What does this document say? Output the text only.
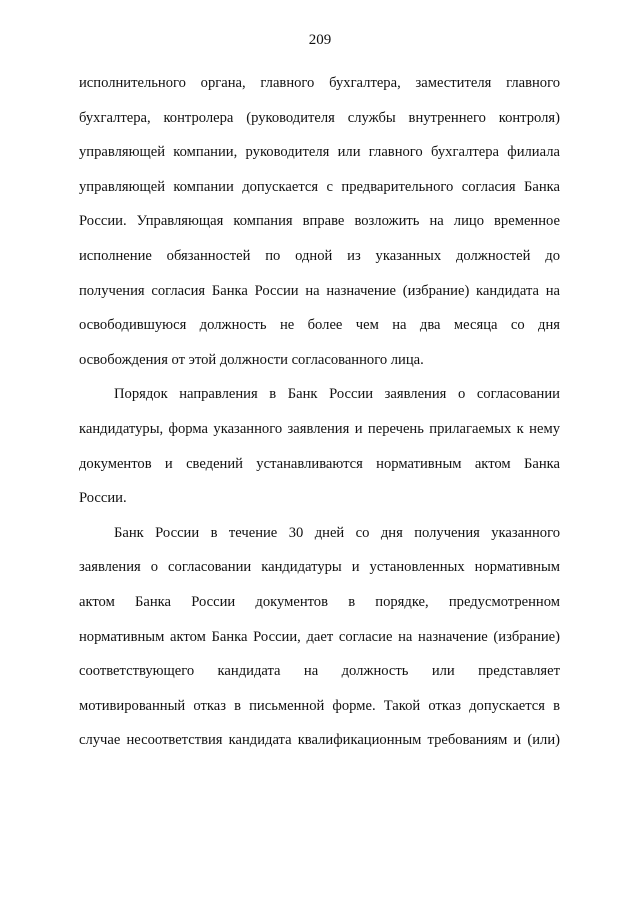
209

исполнительного органа, главного бухгалтера, заместителя главного
бухгалтера, контролера (руководителя службы внутреннего контроля)
управляющей компании, руководителя или главного бухгалтера филиала
управляющей компании допускается с предварительного согласия Банка
России. Управляющая компания вправе возложить на лицо временное
исполнение обязанностей по одной из указанных должностей до
получения согласия Банка России на назначение (избрание) кандидата на
освободившуюся должность не более чем на два месяца со дня
освобождения от этой должности согласованного лица.

Порядок направления в Банк России заявления о согласовании
кандидатуры, форма указанного заявления и перечень прилагаемых к нему
документов и сведений устанавливаются нормативным актом Банка
России.

Банк России в течение 30 дней со дня получения указанного
заявления о согласовании кандидатуры и установленных нормативным
актом Банка России документов в порядке, предусмотренном
нормативным актом Банка России, дает согласие на назначение (избрание)
соответствующего кандидата на должность или представляет
мотивированный отказ в письменной форме. Такой отказ допускается в
случае несоответствия кандидата квалификационным требованиям и (или)
